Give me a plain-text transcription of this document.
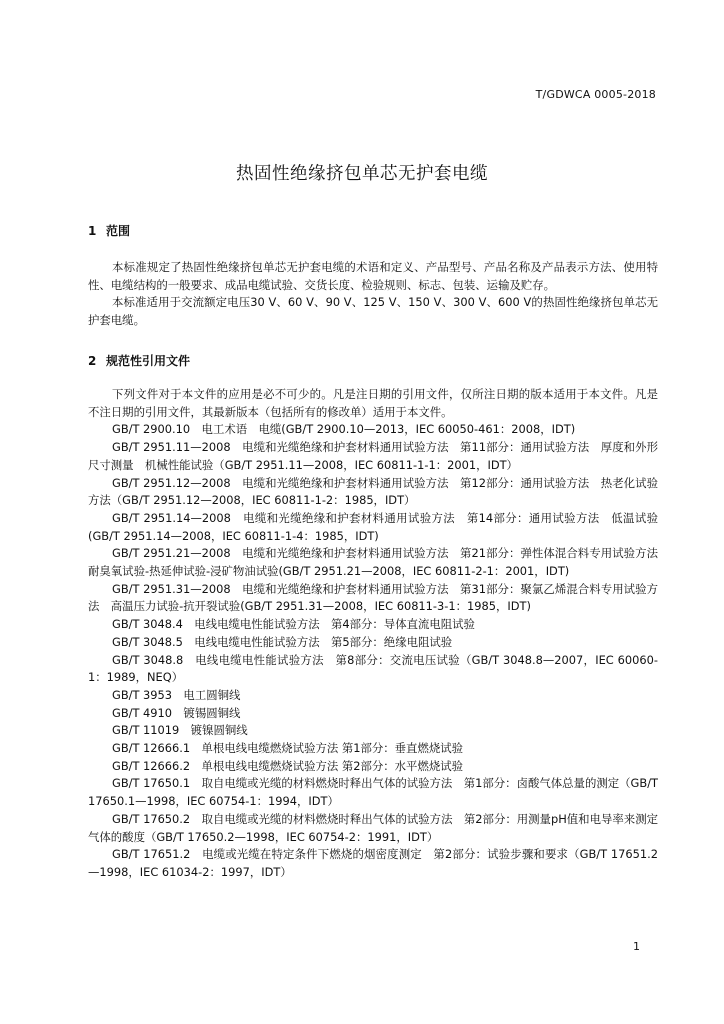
T/GDWCA 0005-2018
热固性绝缘挤包单芯无护套电缆
1 范围

本标准规定了热固性绝缘挤包单芯无护套电缆的术语和定义、产品型号、产品名称及产品表示方法、使用特性、电缆结构的一般要求、成品电缆试验、交货长度、检验规则、标志、包装、运输及贮存。

本标准适用于交流额定电压30 V、60 V、90 V、125 V、150 V、300 V、600 V的热固性绝缘挤包单芯无护套电缆。

2 规范性引用文件

下列文件对于本文件的应用是必不可少的。凡是注日期的引用文件，仅所注日期的版本适用于本文件。凡是不注日期的引用文件，其最新版本（包括所有的修改单）适用于本文件。

GB/T 2900.10　电工术语　电缆(GB/T 2900.10—2013，IEC 60050-461：2008，IDT)
GB/T 2951.11—2008　电缆和光缆绝缘和护套材料通用试验方法　第11部分：通用试验方法　厚度和外形尺寸测量　机械性能试验（GB/T 2951.11—2008，IEC 60811-1-1：2001，IDT）
GB/T 2951.12—2008　电缆和光缆绝缘和护套材料通用试验方法　第12部分：通用试验方法　热老化试验方法（GB/T 2951.12—2008，IEC 60811-1-2：1985，IDT）
GB/T 2951.14—2008　电缆和光缆绝缘和护套材料通用试验方法　第14部分：通用试验方法　低温试验(GB/T 2951.14—2008，IEC 60811-1-4：1985，IDT)
GB/T 2951.21—2008　电缆和光缆绝缘和护套材料通用试验方法　第21部分：弹性体混合料专用试验方法　耐臭氧试验-热延伸试验-浸矿物油试验(GB/T 2951.21—2008，IEC 60811-2-1：2001，IDT)
GB/T 2951.31—2008　电缆和光缆绝缘和护套材料通用试验方法　第31部分：聚氯乙烯混合料专用试验方法　高温压力试验-抗开裂试验(GB/T 2951.31—2008，IEC 60811-3-1：1985，IDT)
GB/T 3048.4　电线电缆电性能试验方法　第4部分：导体直流电阻试验
GB/T 3048.5　电线电缆电性能试验方法　第5部分：绝缘电阻试验
GB/T 3048.8　电线电缆电性能试验方法　第8部分：交流电压试验（GB/T 3048.8—2007，IEC 60060-1：1989，NEQ）
GB/T 3953　电工圆铜线
GB/T 4910　镀锡圆铜线
GB/T 11019　镀镍圆铜线
GB/T 12666.1　单根电线电缆燃烧试验方法 第1部分：垂直燃烧试验
GB/T 12666.2　单根电线电缆燃烧试验方法 第2部分：水平燃烧试验
GB/T 17650.1　取自电缆或光缆的材料燃烧时释出气体的试验方法　第1部分：卤酸气体总量的测定（GB/T 17650.1—1998，IEC 60754-1：1994，IDT）
GB/T 17650.2　取自电缆或光缆的材料燃烧时释出气体的试验方法　第2部分：用测量pH值和电导率来测定气体的酸度（GB/T 17650.2—1998，IEC 60754-2：1991，IDT）
GB/T 17651.2　电缆或光缆在特定条件下燃烧的烟密度测定　第2部分：试验步骤和要求（GB/T 17651.2—1998，IEC 61034-2：1997，IDT）
1
